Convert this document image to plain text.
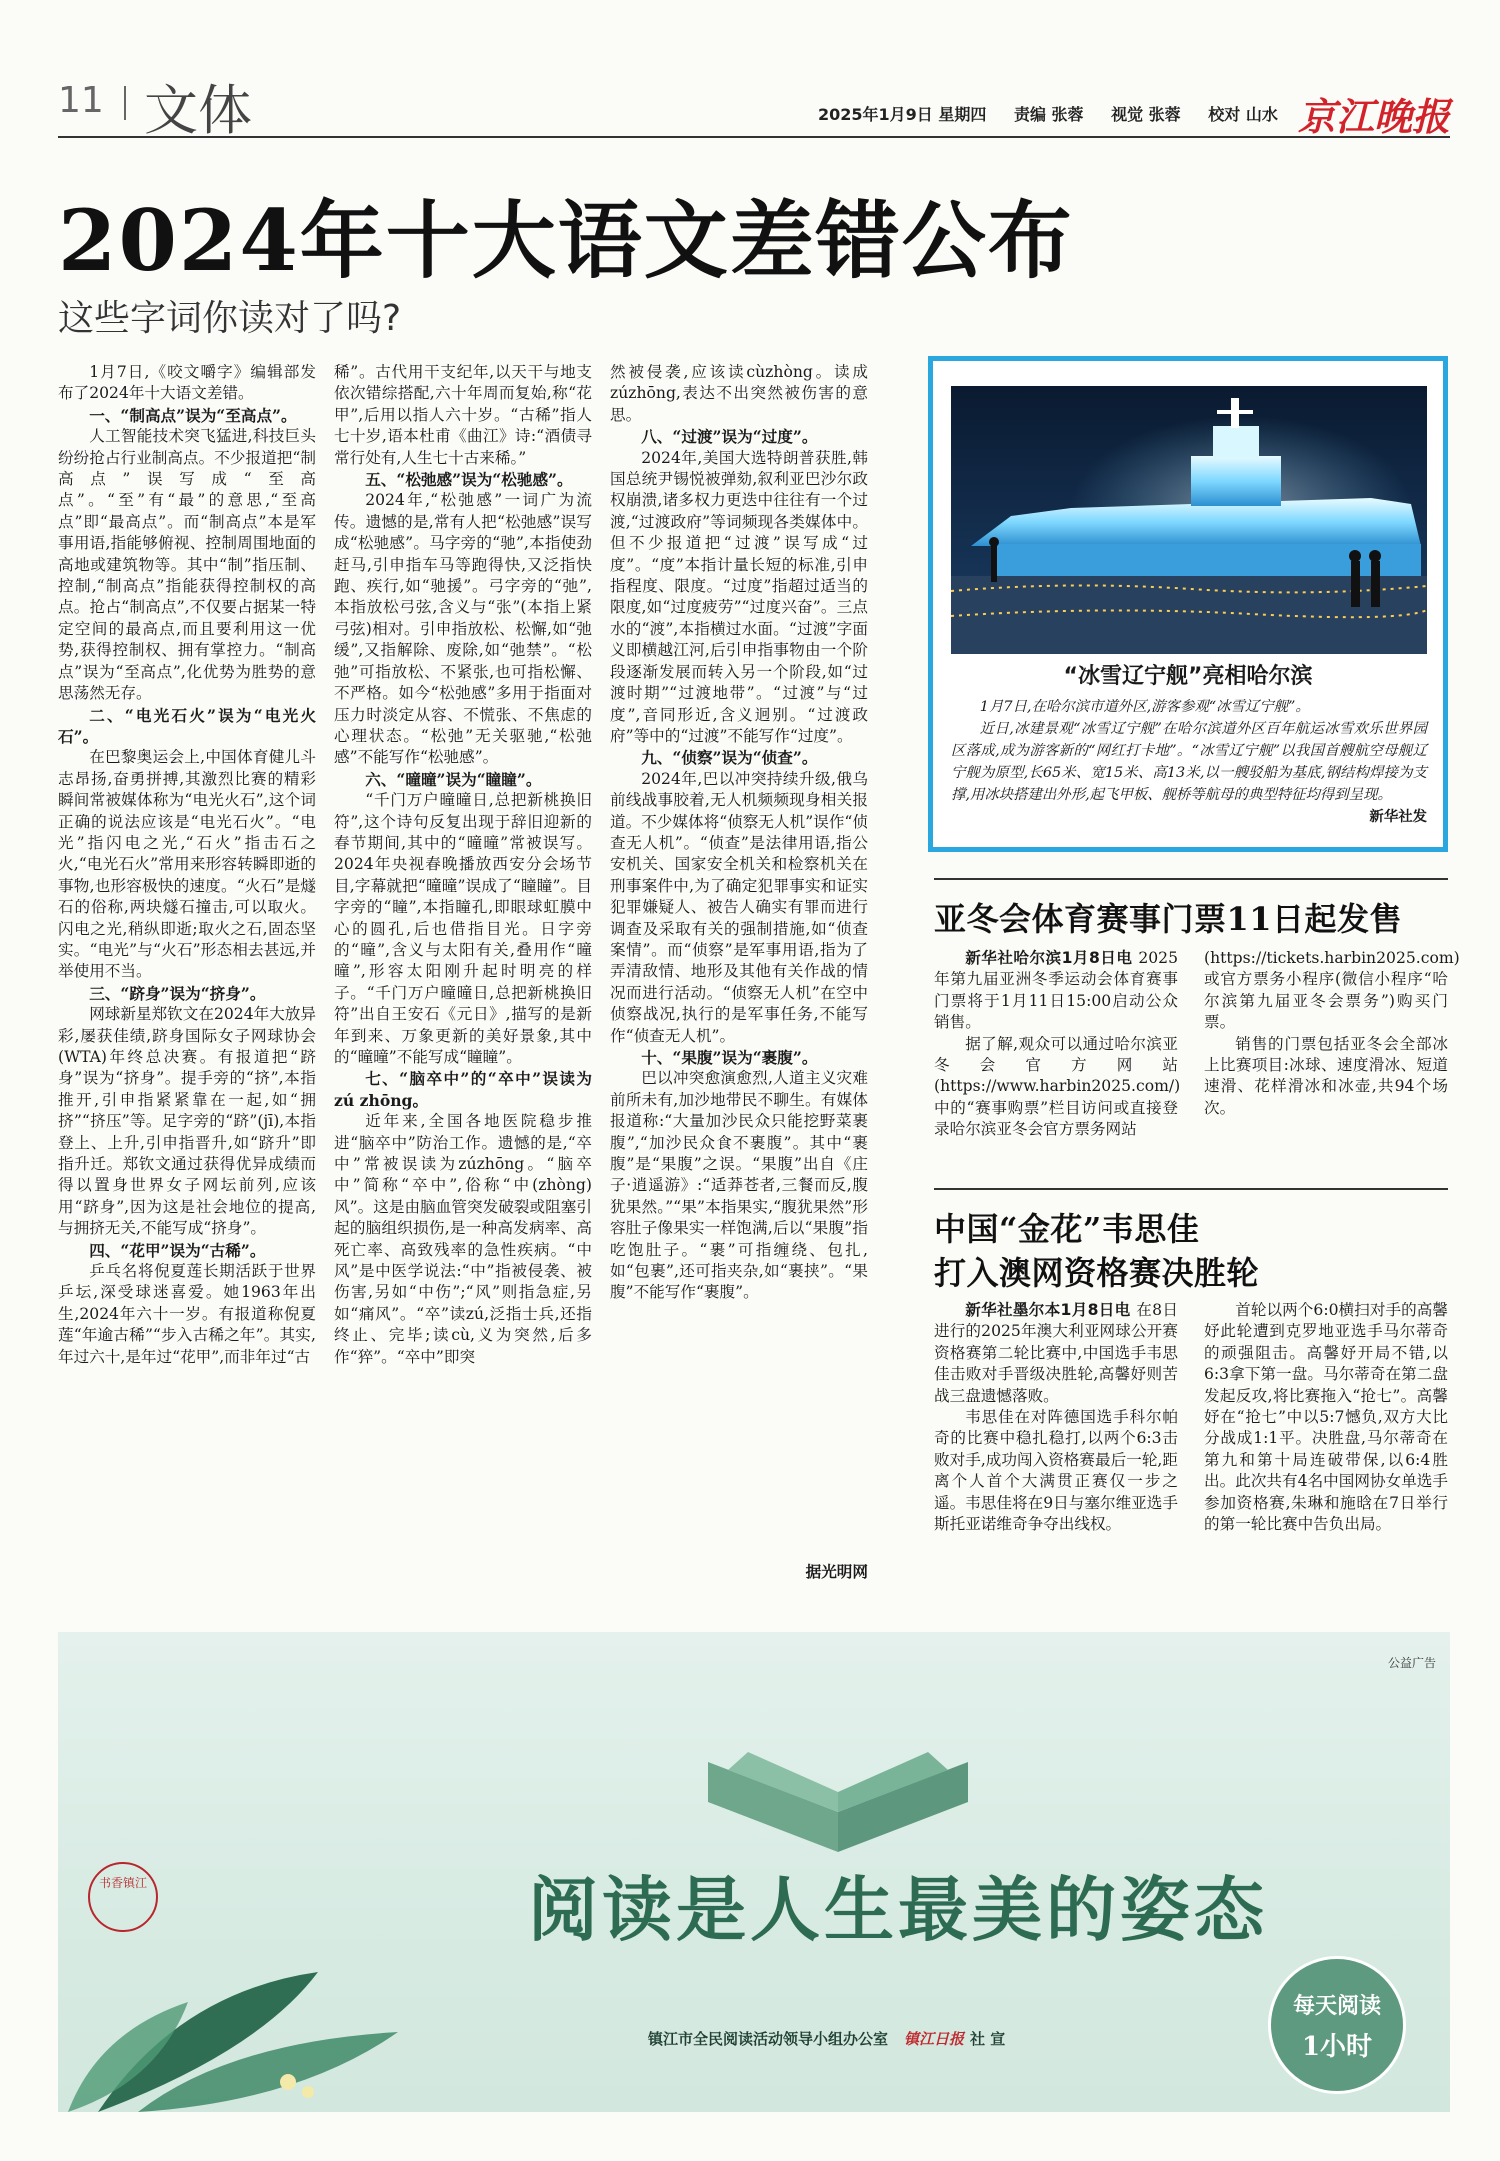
11 文体	2025年1月9日 星期四 责编 张蓉 视觉 张蓉 校对 山水 京江晚报
2024年十大语文差错公布
这些字词你读对了吗?

1月7日,《咬文嚼字》编辑部发布了2024年十大语文差错。

一、“制高点”误为“至高点”。

人工智能技术突飞猛进,科技巨头纷纷抢占行业制高点。不少报道把“制高点”误写成“至高点”。“至”有“最”的意思,“至高点”即“最高点”。而“制高点”本是军事用语,指能够俯视、控制周围地面的高地或建筑物等。其中“制”指压制、控制,“制高点”指能获得控制权的高点。抢占“制高点”,不仅要占据某一特定空间的最高点,而且要利用这一优势,获得控制权、拥有掌控力。“制高点”误为“至高点”,化优势为胜势的意思荡然无存。

二、“电光石火”误为“电光火石”。

在巴黎奥运会上,中国体育健儿斗志昂扬,奋勇拼搏,其激烈比赛的精彩瞬间常被媒体称为“电光火石”,这个词正确的说法应该是“电光石火”。“电光”指闪电之光,“石火”指击石之火,“电光石火”常用来形容转瞬即逝的事物,也形容极快的速度。“火石”是燧石的俗称,两块燧石撞击,可以取火。闪电之光,稍纵即逝;取火之石,固态坚实。“电光”与“火石”形态相去甚远,并举使用不当。

三、“跻身”误为“挤身”。

网球新星郑钦文在2024年大放异彩,屡获佳绩,跻身国际女子网球协会(WTA)年终总决赛。有报道把“跻身”误为“挤身”。提手旁的“挤”,本指推开,引申指紧紧靠在一起,如“拥挤”“挤压”等。足字旁的“跻”(jī),本指登上、上升,引申指晋升,如“跻升”即指升迁。郑钦文通过获得优异成绩而得以置身世界女子网坛前列,应该用“跻身”,因为这是社会地位的提高,与拥挤无关,不能写成“挤身”。

四、“花甲”误为“古稀”。

乒乓名将倪夏莲长期活跃于世界乒坛,深受球迷喜爱。她1963年出生,2024年六十一岁。有报道称倪夏莲“年逾古稀”“步入古稀之年”。其实,年过六十,是年过“花甲”,而非年过“古

稀”。古代用干支纪年,以天干与地支依次错综搭配,六十年周而复始,称“花甲”,后用以指人六十岁。“古稀”指人七十岁,语本杜甫《曲江》诗:“酒债寻常行处有,人生七十古来稀。”

五、“松弛感”误为“松驰感”。

2024年,“松弛感”一词广为流传。遗憾的是,常有人把“松弛感”误写成“松驰感”。马字旁的“驰”,本指使劲赶马,引申指车马等跑得快,又泛指快跑、疾行,如“驰援”。弓字旁的“弛”,本指放松弓弦,含义与“张”(本指上紧弓弦)相对。引申指放松、松懈,如“弛缓”,又指解除、废除,如“弛禁”。“松弛”可指放松、不紧张,也可指松懈、不严格。如今“松弛感”多用于指面对压力时淡定从容、不慌张、不焦虑的心理状态。“松弛”无关驱驰,“松弛感”不能写作“松驰感”。

六、“曈曈”误为“瞳瞳”。

“千门万户曈曈日,总把新桃换旧符”,这个诗句反复出现于辞旧迎新的春节期间,其中的“曈曈”常被误写。2024年央视春晚播放西安分会场节目,字幕就把“曈曈”误成了“瞳瞳”。目字旁的“瞳”,本指瞳孔,即眼球虹膜中心的圆孔,后也借指目光。日字旁的“曈”,含义与太阳有关,叠用作“曈曈”,形容太阳刚升起时明亮的样子。“千门万户曈曈日,总把新桃换旧符”出自王安石《元日》,描写的是新年到来、万象更新的美好景象,其中的“曈曈”不能写成“瞳瞳”。

七、“脑卒中”的“卒中”误读为zú zhōng。

近年来,全国各地医院稳步推进“脑卒中”防治工作。遗憾的是,“卒中”常被误读为zúzhōng。“脑卒中”简称“卒中”,俗称“中(zhòng)风”。这是由脑血管突发破裂或阻塞引起的脑组织损伤,是一种高发病率、高死亡率、高致残率的急性疾病。“中风”是中医学说法:“中”指被侵袭、被伤害,另如“中伤”;“风”则指急症,另如“痛风”。“卒”读zú,泛指士兵,还指终止、完毕;读cù,义为突然,后多作“猝”。“卒中”即突

然被侵袭,应该读cùzhòng。读成zúzhōng,表达不出突然被伤害的意思。

八、“过渡”误为“过度”。

2024年,美国大选特朗普获胜,韩国总统尹锡悦被弹劾,叙利亚巴沙尔政权崩溃,诸多权力更迭中往往有一个过渡,“过渡政府”等词频现各类媒体中。但不少报道把“过渡”误写成“过度”。“度”本指计量长短的标准,引申指程度、限度。“过度”指超过适当的限度,如“过度疲劳”“过度兴奋”。三点水的“渡”,本指横过水面。“过渡”字面义即横越江河,后引申指事物由一个阶段逐渐发展而转入另一个阶段,如“过渡时期”“过渡地带”。“过渡”与“过度”,音同形近,含义迥别。“过渡政府”等中的“过渡”不能写作“过度”。

九、“侦察”误为“侦查”。

2024年,巴以冲突持续升级,俄乌前线战事胶着,无人机频频现身相关报道。不少媒体将“侦察无人机”误作“侦查无人机”。“侦查”是法律用语,指公安机关、国家安全机关和检察机关在刑事案件中,为了确定犯罪事实和证实犯罪嫌疑人、被告人确实有罪而进行调查及采取有关的强制措施,如“侦查案情”。而“侦察”是军事用语,指为了弄清敌情、地形及其他有关作战的情况而进行活动。“侦察无人机”在空中侦察战况,执行的是军事任务,不能写作“侦查无人机”。

十、“果腹”误为“裹腹”。

巴以冲突愈演愈烈,人道主义灾难前所未有,加沙地带民不聊生。有媒体报道称:“大量加沙民众只能挖野菜裹腹”,“加沙民众食不裹腹”。其中“裹腹”是“果腹”之误。“果腹”出自《庄子·逍遥游》:“适莽苍者,三餐而反,腹犹果然。”“果”本指果实,“腹犹果然”形容肚子像果实一样饱满,后以“果腹”指吃饱肚子。“裹”可指缠绕、包扎,如“包裹”,还可指夹杂,如“裹挟”。“果腹”不能写作“裹腹”。

据光明网
“冰雪辽宁舰”亮相哈尔滨

1月7日,在哈尔滨市道外区,游客参观“冰雪辽宁舰”。

近日,冰建景观“冰雪辽宁舰”在哈尔滨道外区百年航运冰雪欢乐世界园区落成,成为游客新的“网红打卡地”。“冰雪辽宁舰”以我国首艘航空母舰辽宁舰为原型,长65米、宽15米、高13米,以一艘驳船为基底,钢结构焊接为支撑,用冰块搭建出外形,起飞甲板、舰桥等航母的典型特征均得到呈现。
新华社发

亚冬会体育赛事门票11日起发售

新华社哈尔滨1月8日电 2025年第九届亚洲冬季运动会体育赛事门票将于1月11日15:00启动公众销售。

据了解,观众可以通过哈尔滨亚冬会官方网站(https://www.harbin2025.com/)中的“赛事购票”栏目访问或直接登录哈尔滨亚冬会官方票务网站

(https://tickets.harbin2025.com)或官方票务小程序(微信小程序“哈尔滨第九届亚冬会票务”)购买门票。

销售的门票包括亚冬会全部冰上比赛项目:冰球、速度滑冰、短道速滑、花样滑冰和冰壶,共94个场次。

中国“金花”韦思佳
打入澳网资格赛决胜轮

新华社墨尔本1月8日电 在8日进行的2025年澳大利亚网球公开赛资格赛第二轮比赛中,中国选手韦思佳击败对手晋级决胜轮,高馨妤则苦战三盘遗憾落败。

韦思佳在对阵德国选手科尔帕奇的比赛中稳扎稳打,以两个6:3击败对手,成功闯入资格赛最后一轮,距离个人首个大满贯正赛仅一步之遥。韦思佳将在9日与塞尔维亚选手斯托亚诺维奇争夺出线权。

首轮以两个6:0横扫对手的高馨妤此轮遭到克罗地亚选手马尔蒂奇的顽强阻击。高馨妤开局不错,以6:3拿下第一盘。马尔蒂奇在第二盘发起反攻,将比赛拖入“抢七”。高馨妤在“抢七”中以5:7憾负,双方大比分战成1:1平。决胜盘,马尔蒂奇在第九和第十局连破带保,以6:4胜出。此次共有4名中国网协女单选手参加资格赛,朱琳和施晗在7日举行的第一轮比赛中告负出局。

公益广告
书香镇江	阅读是人生最美的姿态
镇江市全民阅读活动领导小组办公室 镇江日报 社 宣
每天阅读
1小时
